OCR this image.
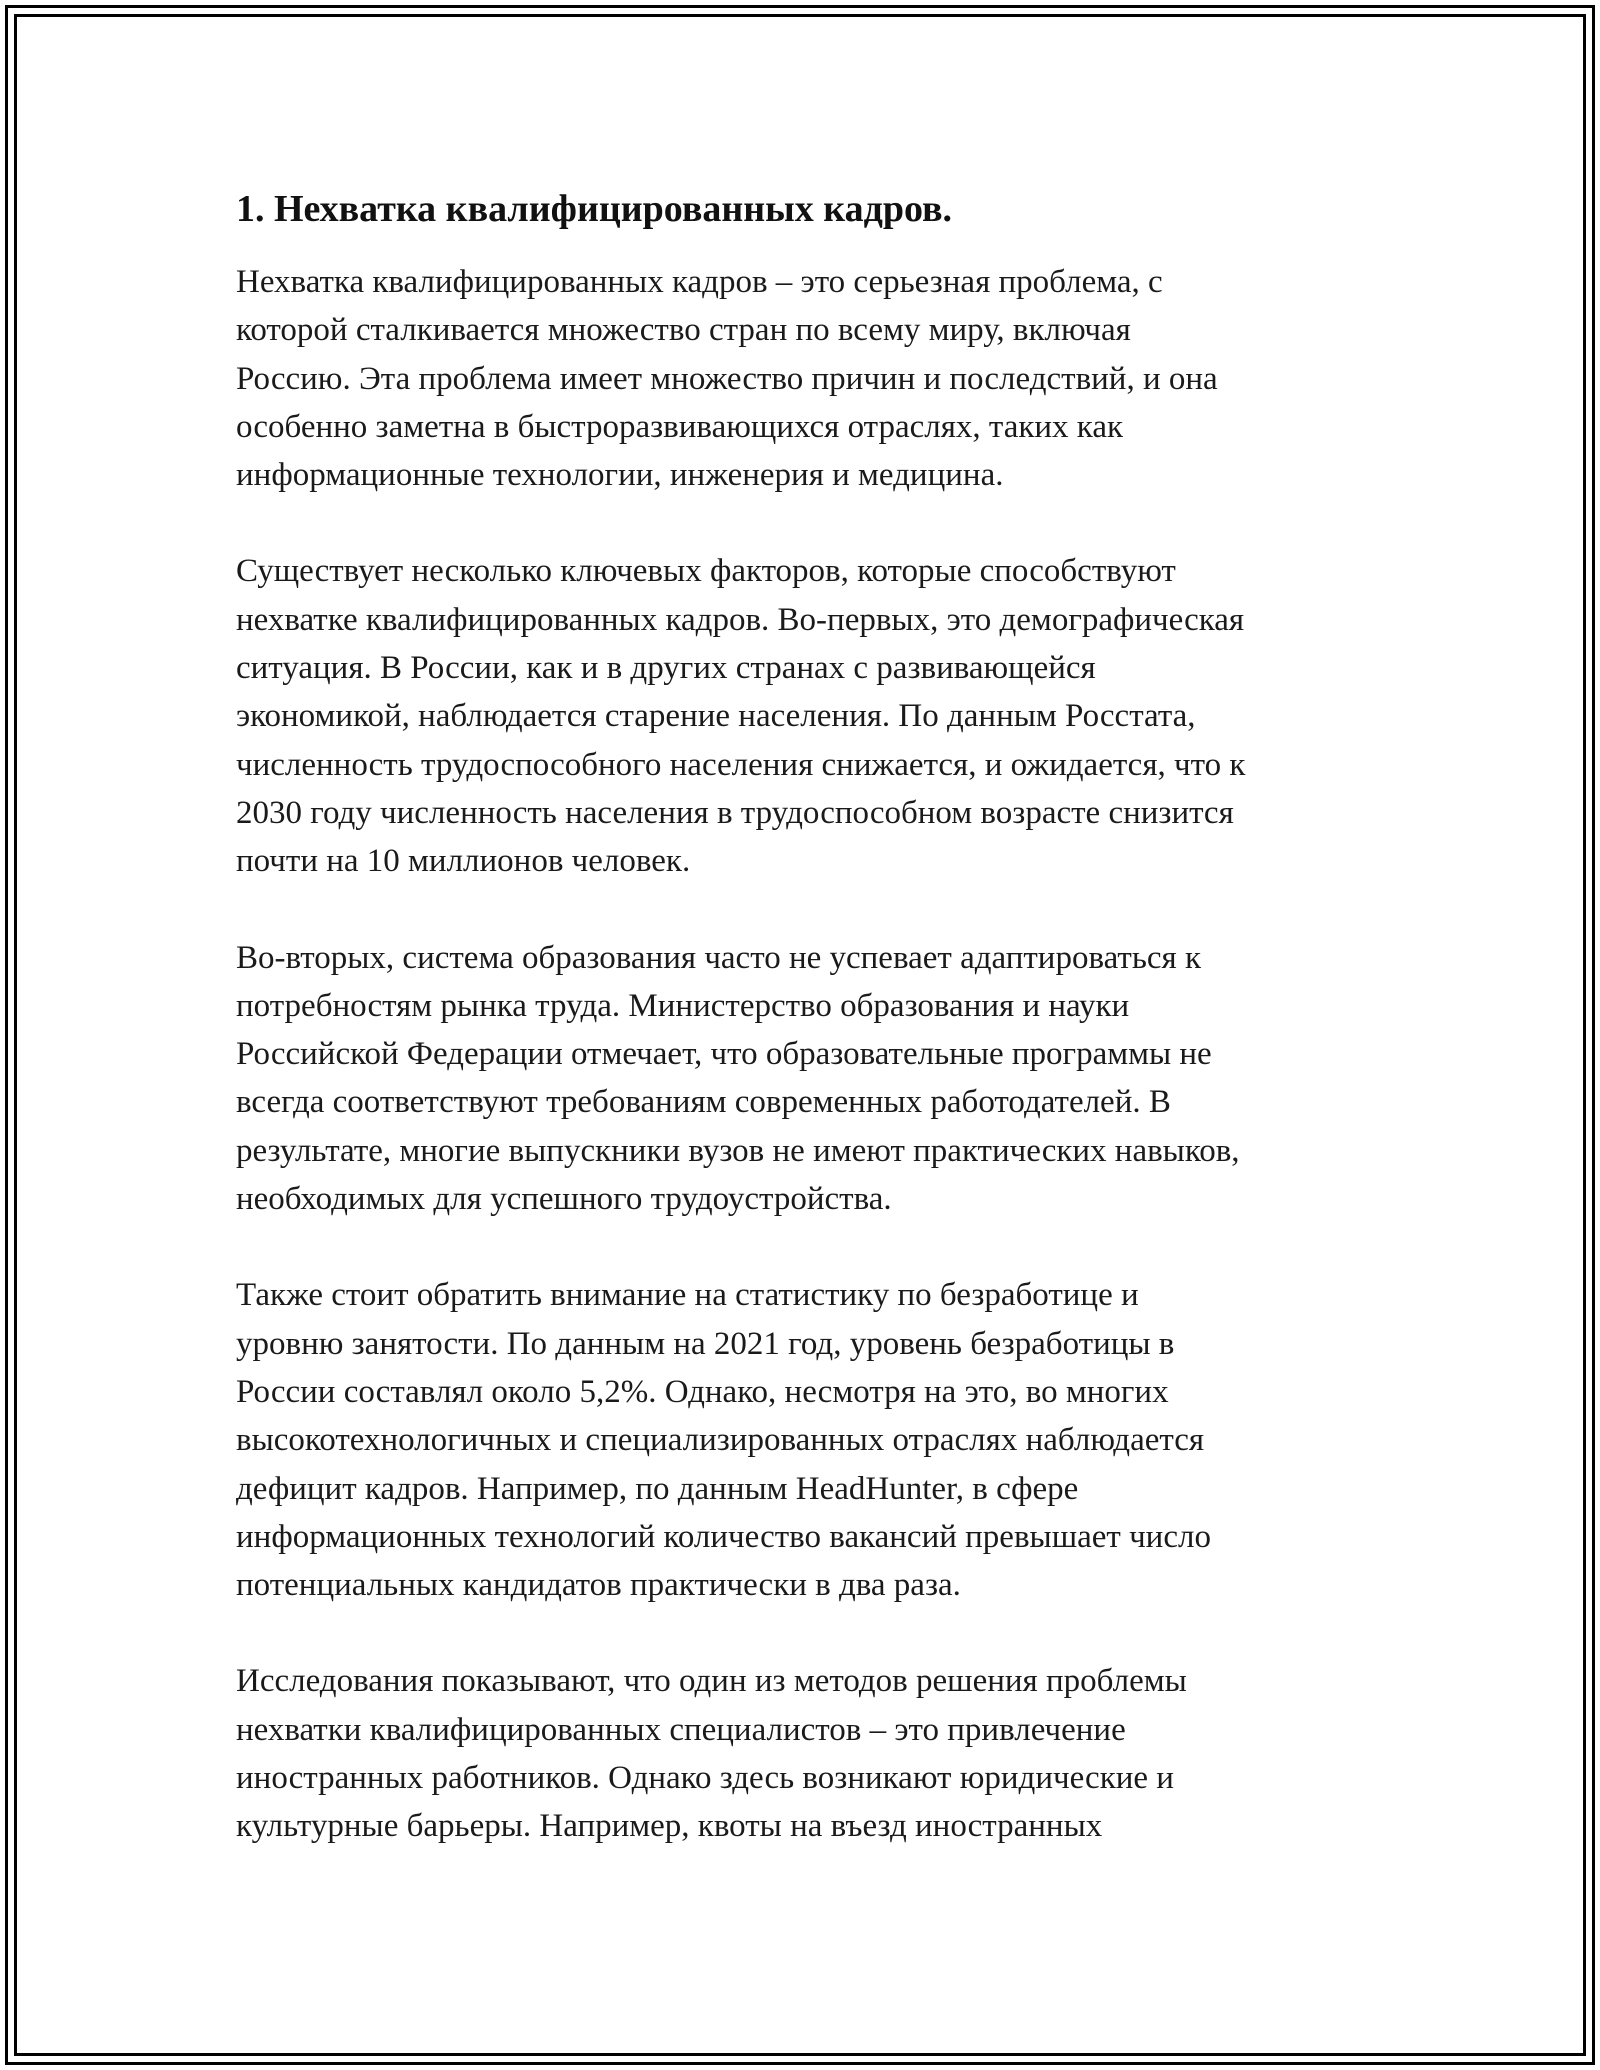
1. Нехватка квалифицированных кадров.

Нехватка квалифицированных кадров – это серьезная проблема, с
которой сталкивается множество стран по всему миру, включая
Россию. Эта проблема имеет множество причин и последствий, и она
особенно заметна в быстроразвивающихся отраслях, таких как
информационные технологии, инженерия и медицина.

Существует несколько ключевых факторов, которые способствуют
нехватке квалифицированных кадров. Во-первых, это демографическая
ситуация. В России, как и в других странах с развивающейся
экономикой, наблюдается старение населения. По данным Росстата,
численность трудоспособного населения снижается, и ожидается, что к
2030 году численность населения в трудоспособном возрасте снизится
почти на 10 миллионов человек.

Во-вторых, система образования часто не успевает адаптироваться к
потребностям рынка труда. Министерство образования и науки
Российской Федерации отмечает, что образовательные программы не
всегда соответствуют требованиям современных работодателей. В
результате, многие выпускники вузов не имеют практических навыков,
необходимых для успешного трудоустройства.

Также стоит обратить внимание на статистику по безработице и
уровню занятости. По данным на 2021 год, уровень безработицы в
России составлял около 5,2%. Однако, несмотря на это, во многих
высокотехнологичных и специализированных отраслях наблюдается
дефицит кадров. Например, по данным HeadHunter, в сфере
информационных технологий количество вакансий превышает число
потенциальных кандидатов практически в два раза.

Исследования показывают, что один из методов решения проблемы
нехватки квалифицированных специалистов – это привлечение
иностранных работников. Однако здесь возникают юридические и
культурные барьеры. Например, квоты на въезд иностранных
